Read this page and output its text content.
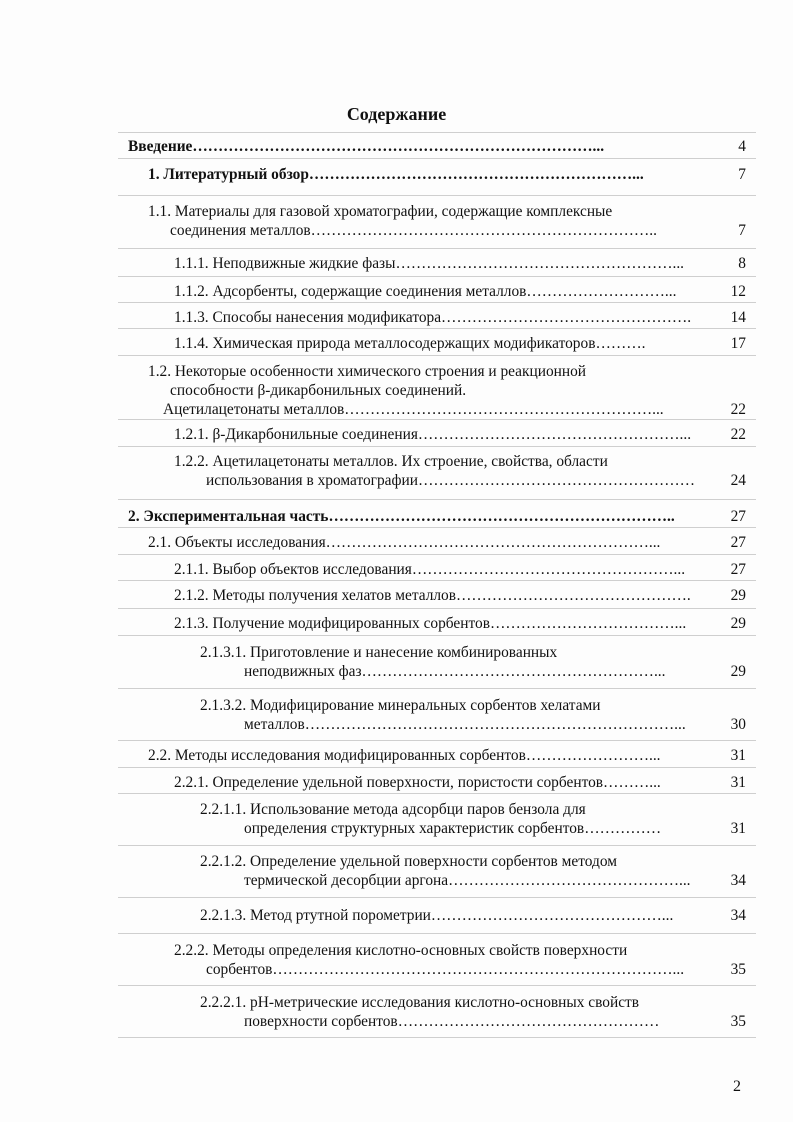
Содержание
Введение……………………………………………………………………...	4
1. Литературный обзор………………………………………………………...	7
1.1. Материалы для газовой хроматографии, содержащие комплексные
соединения металлов…………………………………………………………..	7
1.1.1. Неподвижные жидкие фазы………………………………………………...	8
1.1.2. Адсорбенты, содержащие соединения металлов………………………...	12
1.1.3. Способы нанесения модификатора………………………………………….	14
1.1.4. Химическая природа металлосодержащих модификаторов……….	17
1.2. Некоторые особенности химического строения и реакционной
способности β-дикарбонильных соединений.
Ацетилацетонаты металлов……………………………………………………...	22
1.2.1. β-Дикарбонильные соединения……………………………………………...	22
1.2.2. Ацетилацетонаты металлов. Их строение, свойства, области
использования в хроматографии………………………………………………	24
2. Экспериментальная часть…………………………………………………………..	27
2.1. Объекты исследования………………………………………………………...	27
2.1.1. Выбор объектов исследования……………………………………………...	27
2.1.2. Методы получения хелатов металлов……………………………………….	29
2.1.3. Получение модифицированных сорбентов………………………………...	29
2.1.3.1. Приготовление и нанесение комбинированных
неподвижных фаз…………………………………………………...	29
2.1.3.2. Модифицирование минеральных сорбентов хелатами
металлов………………………………………………………………...	30
2.2. Методы исследования модифицированных сорбентов……………………...	31
2.2.1. Определение удельной поверхности, пористости сорбентов………...	31
2.2.1.1. Использование метода адсорбци паров бензола для
определения структурных характеристик сорбентов……………	31
2.2.1.2. Определение удельной поверхности сорбентов методом
термической десорбции аргона………………………………………...	34
2.2.1.3. Метод ртутной порометрии………………………………………...	34
2.2.2. Методы определения кислотно-основных свойств поверхности
сорбентов……………………………………………………………………...	35
2.2.2.1. pH-метрические исследования кислотно-основных свойств
поверхности сорбентов……………………………………………	35
2
